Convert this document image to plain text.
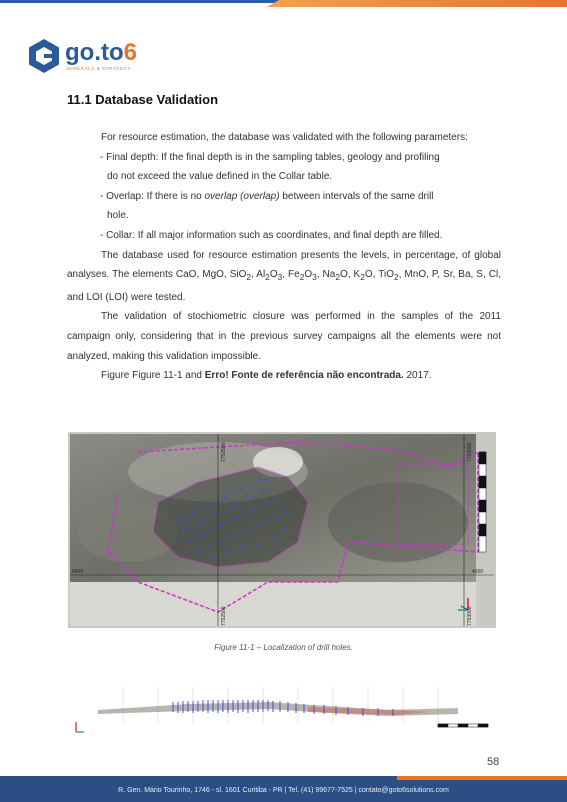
go.to6
MINERALS & STRATEGY
11.1 Database Validation

For resource estimation, the database was validated with the following parameters:

- Final depth: If the final depth is in the sampling tables, geology and profiling

do not exceed the value defined in the Collar table.

- Overlap: If there is no overlap (overlap) between intervals of the same drill

hole.

- Collar: If all major information such as coordinates, and final depth are filled.

The database used for resource estimation presents the levels, in percentage, of global analyses. The elements CaO, MgO, SiO$_2$, $Al_2O_3$, $Fe_2O_3$, $Na_2O$, $K_2O$, TiO$_2$, MnO, P, Sr, Ba, S, Cl, and LOI (LOI) were tested.

The validation of stochiometric closure was performed in the samples of the 2011 campaign only, considering that in the previous survey campaigns all the elements were not analyzed, making this validation impossible.

Figure Figure 11-1 and Erro! Fonte de referência não encontrada. 2017.

7752500	7753000
7752500	7753000
6400	4200
Figure 11-1 – Localization of drill holes.
58
R. Gen. Mário Tourinho, 1746 - sl. 1601 Curitiba - PR | Tel. (41) 99677-7525 | contato@goto6solutions.com
